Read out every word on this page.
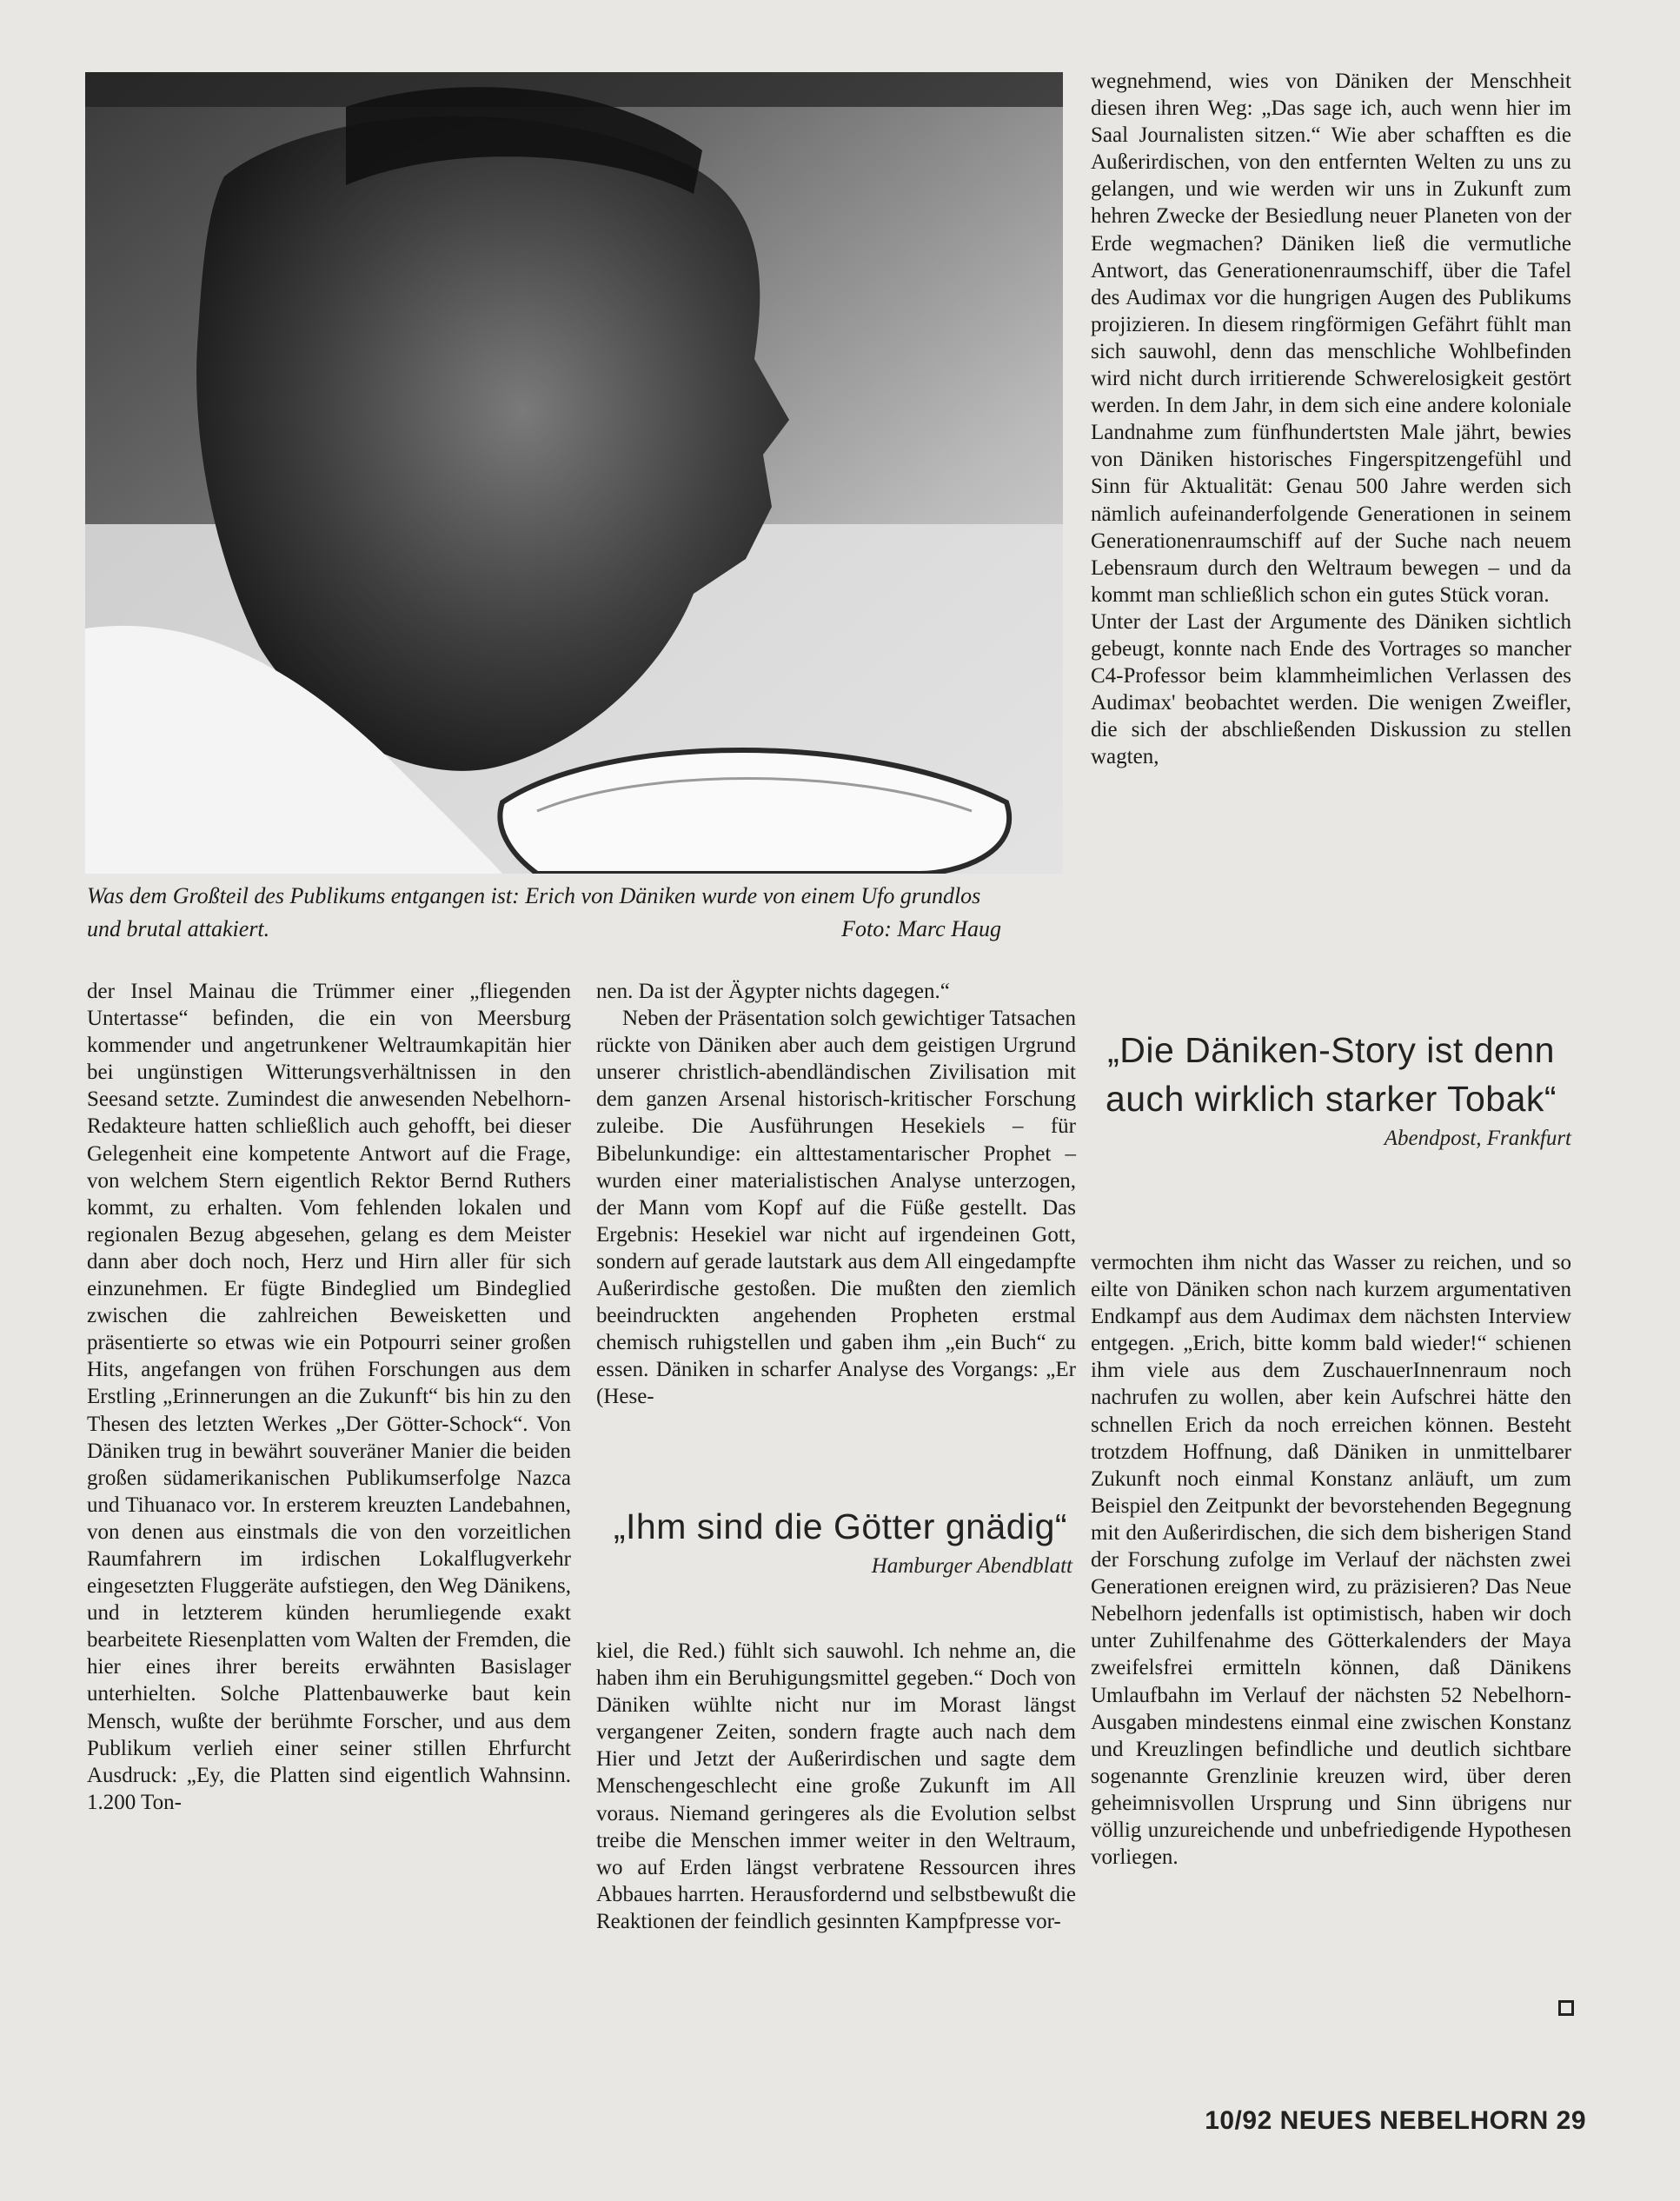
Was dem Großteil des Publikums entgangen ist: Erich von Däniken wurde von einem Ufo grundlos und brutal attakiert.	Foto: Marc Haug

der Insel Mainau die Trümmer einer „fliegenden Untertasse“ befinden, die ein von Meersburg kommender und angetrunkener Weltraumkapitän hier bei ungünstigen Witterungsverhältnissen in den Seesand setzte. Zumindest die anwesenden Nebelhorn-Redakteure hatten schließlich auch gehofft, bei dieser Gelegenheit eine kompetente Antwort auf die Frage, von welchem Stern eigentlich Rektor Bernd Ruthers kommt, zu erhalten. Vom fehlenden lokalen und regionalen Bezug abgesehen, gelang es dem Meister dann aber doch noch, Herz und Hirn aller für sich einzunehmen. Er fügte Bindeglied um Bindeglied zwischen die zahlreichen Beweisketten und präsentierte so etwas wie ein Potpourri seiner großen Hits, angefangen von frühen Forschungen aus dem Erstling „Erinnerungen an die Zukunft“ bis hin zu den Thesen des letzten Werkes „Der Götter-Schock“. Von Däniken trug in bewährt souveräner Manier die beiden großen südamerikanischen Publikumserfolge Nazca und Tihuanaco vor. In ersterem kreuzten Landebahnen, von denen aus einstmals die von den vorzeitlichen Raumfahrern im irdischen Lokalflugverkehr eingesetzten Fluggeräte aufstiegen, den Weg Dänikens, und in letzterem künden herumliegende exakt bearbeitete Riesenplatten vom Walten der Fremden, die hier eines ihrer bereits erwähnten Basislager unterhielten. Solche Plattenbauwerke baut kein Mensch, wußte der berühmte Forscher, und aus dem Publikum verlieh einer seiner stillen Ehrfurcht Ausdruck: „Ey, die Platten sind eigentlich Wahnsinn. 1.200 Ton-

nen. Da ist der Ägypter nichts dagegen.“

Neben der Präsentation solch gewichtiger Tatsachen rückte von Däniken aber auch dem geistigen Urgrund unserer christlich-abendländischen Zivilisation mit dem ganzen Arsenal historisch-kritischer Forschung zuleibe. Die Ausführungen Hesekiels – für Bibelunkundige: ein alttestamentarischer Prophet – wurden einer materialistischen Analyse unterzogen, der Mann vom Kopf auf die Füße gestellt. Das Ergebnis: Hesekiel war nicht auf irgendeinen Gott, sondern auf gerade lautstark aus dem All eingedampfte Außerirdische gestoßen. Die mußten den ziemlich beeindruckten angehenden Propheten erstmal chemisch ruhigstellen und gaben ihm „ein Buch“ zu essen. Däniken in scharfer Analyse des Vorgangs: „Er (Hese-

„Ihm sind die Götter gnädig“
Hamburger Abendblatt

kiel, die Red.) fühlt sich sauwohl. Ich nehme an, die haben ihm ein Beruhigungsmittel gegeben.“ Doch von Däniken wühlte nicht nur im Morast längst vergangener Zeiten, sondern fragte auch nach dem Hier und Jetzt der Außerirdischen und sagte dem Menschengeschlecht eine große Zukunft im All voraus. Niemand geringeres als die Evolution selbst treibe die Menschen immer weiter in den Weltraum, wo auf Erden längst verbratene Ressourcen ihres Abbaues harrten. Herausfordernd und selbstbewußt die Reaktionen der feindlich gesinnten Kampfpresse vor-

wegnehmend, wies von Däniken der Menschheit diesen ihren Weg: „Das sage ich, auch wenn hier im Saal Journalisten sitzen.“ Wie aber schafften es die Außerirdischen, von den entfernten Welten zu uns zu gelangen, und wie werden wir uns in Zukunft zum hehren Zwecke der Besiedlung neuer Planeten von der Erde wegmachen? Däniken ließ die vermutliche Antwort, das Generationenraumschiff, über die Tafel des Audimax vor die hungrigen Augen des Publikums projizieren. In diesem ringförmigen Gefährt fühlt man sich sauwohl, denn das menschliche Wohlbefinden wird nicht durch irritierende Schwerelosigkeit gestört werden. In dem Jahr, in dem sich eine andere koloniale Landnahme zum fünfhundertsten Male jährt, bewies von Däniken historisches Fingerspitzengefühl und Sinn für Aktualität: Genau 500 Jahre werden sich nämlich aufeinanderfolgende Generationen in seinem Generationenraumschiff auf der Suche nach neuem Lebensraum durch den Weltraum bewegen – und da kommt man schließlich schon ein gutes Stück voran.

Unter der Last der Argumente des Däniken sichtlich gebeugt, konnte nach Ende des Vortrages so mancher C4-Professor beim klammheimlichen Verlassen des Audimax' beobachtet werden. Die wenigen Zweifler, die sich der abschließenden Diskussion zu stellen wagten,

„Die Däniken-Story ist denn auch wirklich starker Tobak“
Abendpost, Frankfurt

vermochten ihm nicht das Wasser zu reichen, und so eilte von Däniken schon nach kurzem argumentativen Endkampf aus dem Audimax dem nächsten Interview entgegen. „Erich, bitte komm bald wieder!“ schienen ihm viele aus dem ZuschauerInnenraum noch nachrufen zu wollen, aber kein Aufschrei hätte den schnellen Erich da noch erreichen können. Besteht trotzdem Hoffnung, daß Däniken in unmittelbarer Zukunft noch einmal Konstanz anläuft, um zum Beispiel den Zeitpunkt der bevorstehenden Begegnung mit den Außerirdischen, die sich dem bisherigen Stand der Forschung zufolge im Verlauf der nächsten zwei Generationen ereignen wird, zu präzisieren? Das Neue Nebelhorn jedenfalls ist optimistisch, haben wir doch unter Zuhilfenahme des Götterkalenders der Maya zweifelsfrei ermitteln können, daß Dänikens Umlaufbahn im Verlauf der nächsten 52 Nebelhorn-Ausgaben mindestens einmal eine zwischen Konstanz und Kreuzlingen befindliche und deutlich sichtbare sogenannte Grenzlinie kreuzen wird, über deren geheimnisvollen Ursprung und Sinn übrigens nur völlig unzureichende und unbefriedigende Hypothesen vorliegen.

10/92 NEUES NEBELHORN 29
